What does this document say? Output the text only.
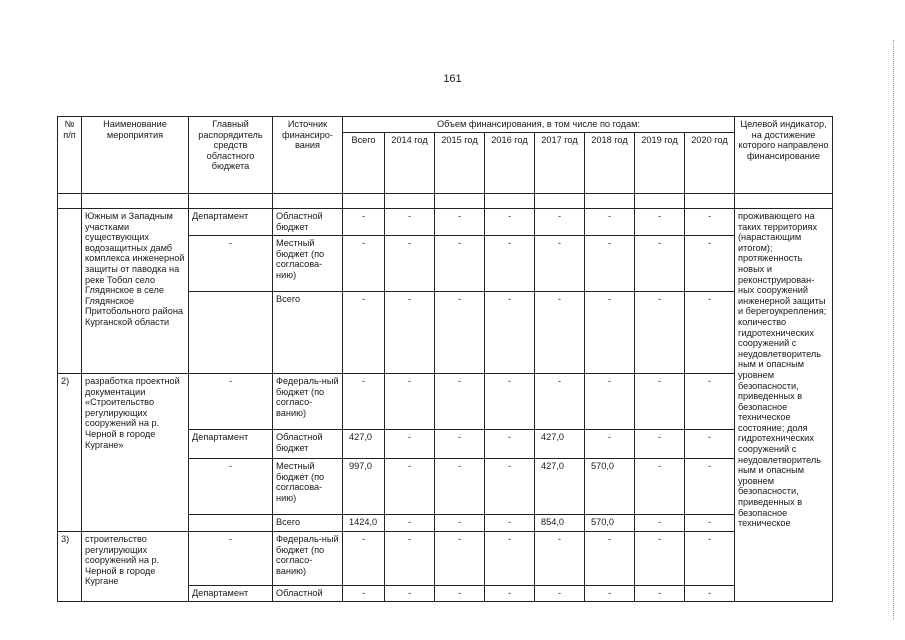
161
№ п/п	Наименование мероприятия	Главный распорядитель средств областного бюджета	Источник финансиро-вания	Объем финансирования, в том числе по годам:								Целевой индикатор, на достижение которого направлено финансирование
				Всего	2014 год	2015 год	2016 год	2017 год	2018 год	2019 год	2020 год	

	Южным и Западным участками существующих водозащитных дамб комплекса инженерной защиты от паводка на реке Тобол село Глядянское в селе Глядянское Притобольного района Курганской области	Департамент	Областной бюджет	-	-	-	-	-	-	-	-	проживающего на таких территориях (нарастающим итогом); протяженность новых и реконструирован-ных сооружений инженерной защиты и берегоукрепления; количество гидротехнических сооружений с неудовлетворитель ным и опасным уровнем безопасности, приведенных в безопасное техническое состояние; доля гидротехнических сооружений с неудовлетворитель ным и опасным уровнем безопасности, приведенных в безопасное техническое
		-	Местный бюджет (по согласова-нию)	-	-	-	-	-	-	-	-	
			Всего	-	-	-	-	-	-	-	-	
2)	разработка проектной документации «Строительство регулирующих сооружений на р. Черной в городе Кургане»	-	Федераль-ный бюджет (по согласо-ванию)	-	-	-	-	-	-	-	-	
		Департамент	Областной бюджет	427,0	-	-	-	427,0	-	-	-	
		-	Местный бюджет (по согласова-нию)	997,0	-	-	-	427,0	570,0	-	-	
			Всего	1424,0	-	-	-	854,0	570,0	-	-	
3)	строительство регулирующих сооружений на р. Черной в городе Кургане	-	Федераль-ный бюджет (по согласо-ванию)	-	-	-	-	-	-	-	-	
		Департамент	Областной	-	-	-	-	-	-	-	-	
